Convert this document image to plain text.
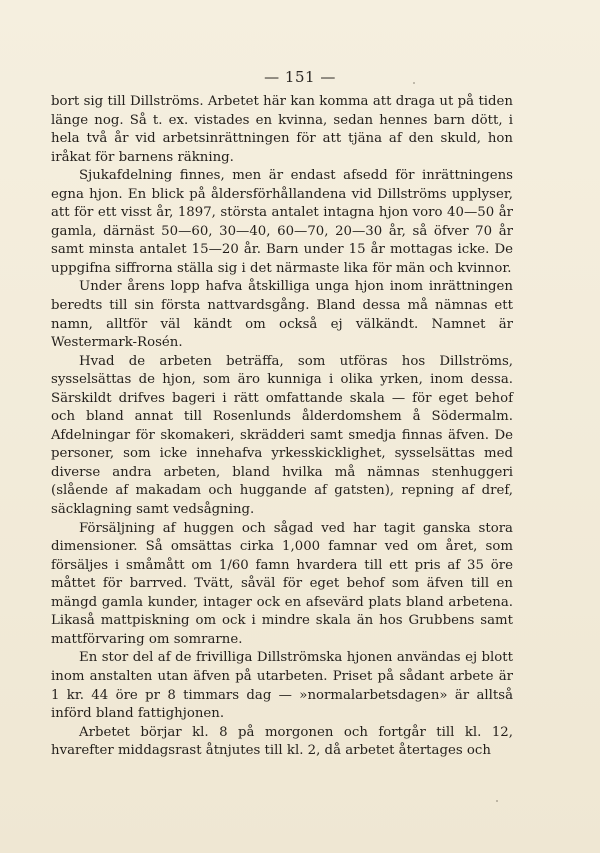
— 151 —

bort sig till Dillströms. Arbetet här kan komma att draga ut på tiden länge nog. Så t. ex. vistades en kvinna, sedan hennes barn dött, i hela två år vid arbetsinrättningen för att tjäna af den skuld, hon iråkat för barnens räkning.

Sjukafdelning finnes, men är endast afsedd för inrättningens egna hjon. En blick på åldersförhållandena vid Dillströms upplyser, att för ett visst år, 1897, största antalet intagna hjon voro 40—50 år gamla, därnäst 50—60, 30—40, 60—70, 20—30 år, så öfver 70 år samt minsta antalet 15—20 år. Barn under 15 år mottagas icke. De uppgifna siffrorna ställa sig i det närmaste lika för män och kvinnor.

Under årens lopp hafva åtskilliga unga hjon inom inrättningen beredts till sin första nattvardsgång. Bland dessa må nämnas ett namn, alltför väl kändt om också ej välkändt. Namnet är Westermark-Rosén.

Hvad de arbeten beträffa, som utföras hos Dillströms, sysselsättas de hjon, som äro kunniga i olika yrken, inom dessa. Särskildt drifves bageri i rätt omfattande skala — för eget behof och bland annat till Rosenlunds ålderdomshem å Södermalm. Afdelningar för skomakeri, skrädderi samt smedja finnas äfven. De personer, som icke innehafva yrkesskicklighet, sysselsättas med diverse andra arbeten, bland hvilka må nämnas stenhuggeri (slående af makadam och huggande af gatsten), repning af dref, säcklagning samt vedsågning.

Försäljning af huggen och sågad ved har tagit ganska stora dimensioner. Så omsättas cirka 1,000 famnar ved om året, som försäljes i småmått om 1/60 famn hvardera till ett pris af 35 öre måttet för barrved. Tvätt, såväl för eget behof som äfven till en mängd gamla kunder, intager ock en afsevärd plats bland arbetena. Likaså mattpiskning om ock i mindre skala än hos Grubbens samt mattförvaring om somrarne.

En stor del af de frivilliga Dillströmska hjonen användas ej blott inom anstalten utan äfven på utarbeten. Priset på sådant arbete är 1 kr. 44 öre pr 8 timmars dag — »normalarbetsdagen» är alltså införd bland fattighjonen.

Arbetet börjar kl. 8 på morgonen och fortgår till kl. 12, hvarefter middagsrast åtnjutes till kl. 2, då arbetet återtages och
